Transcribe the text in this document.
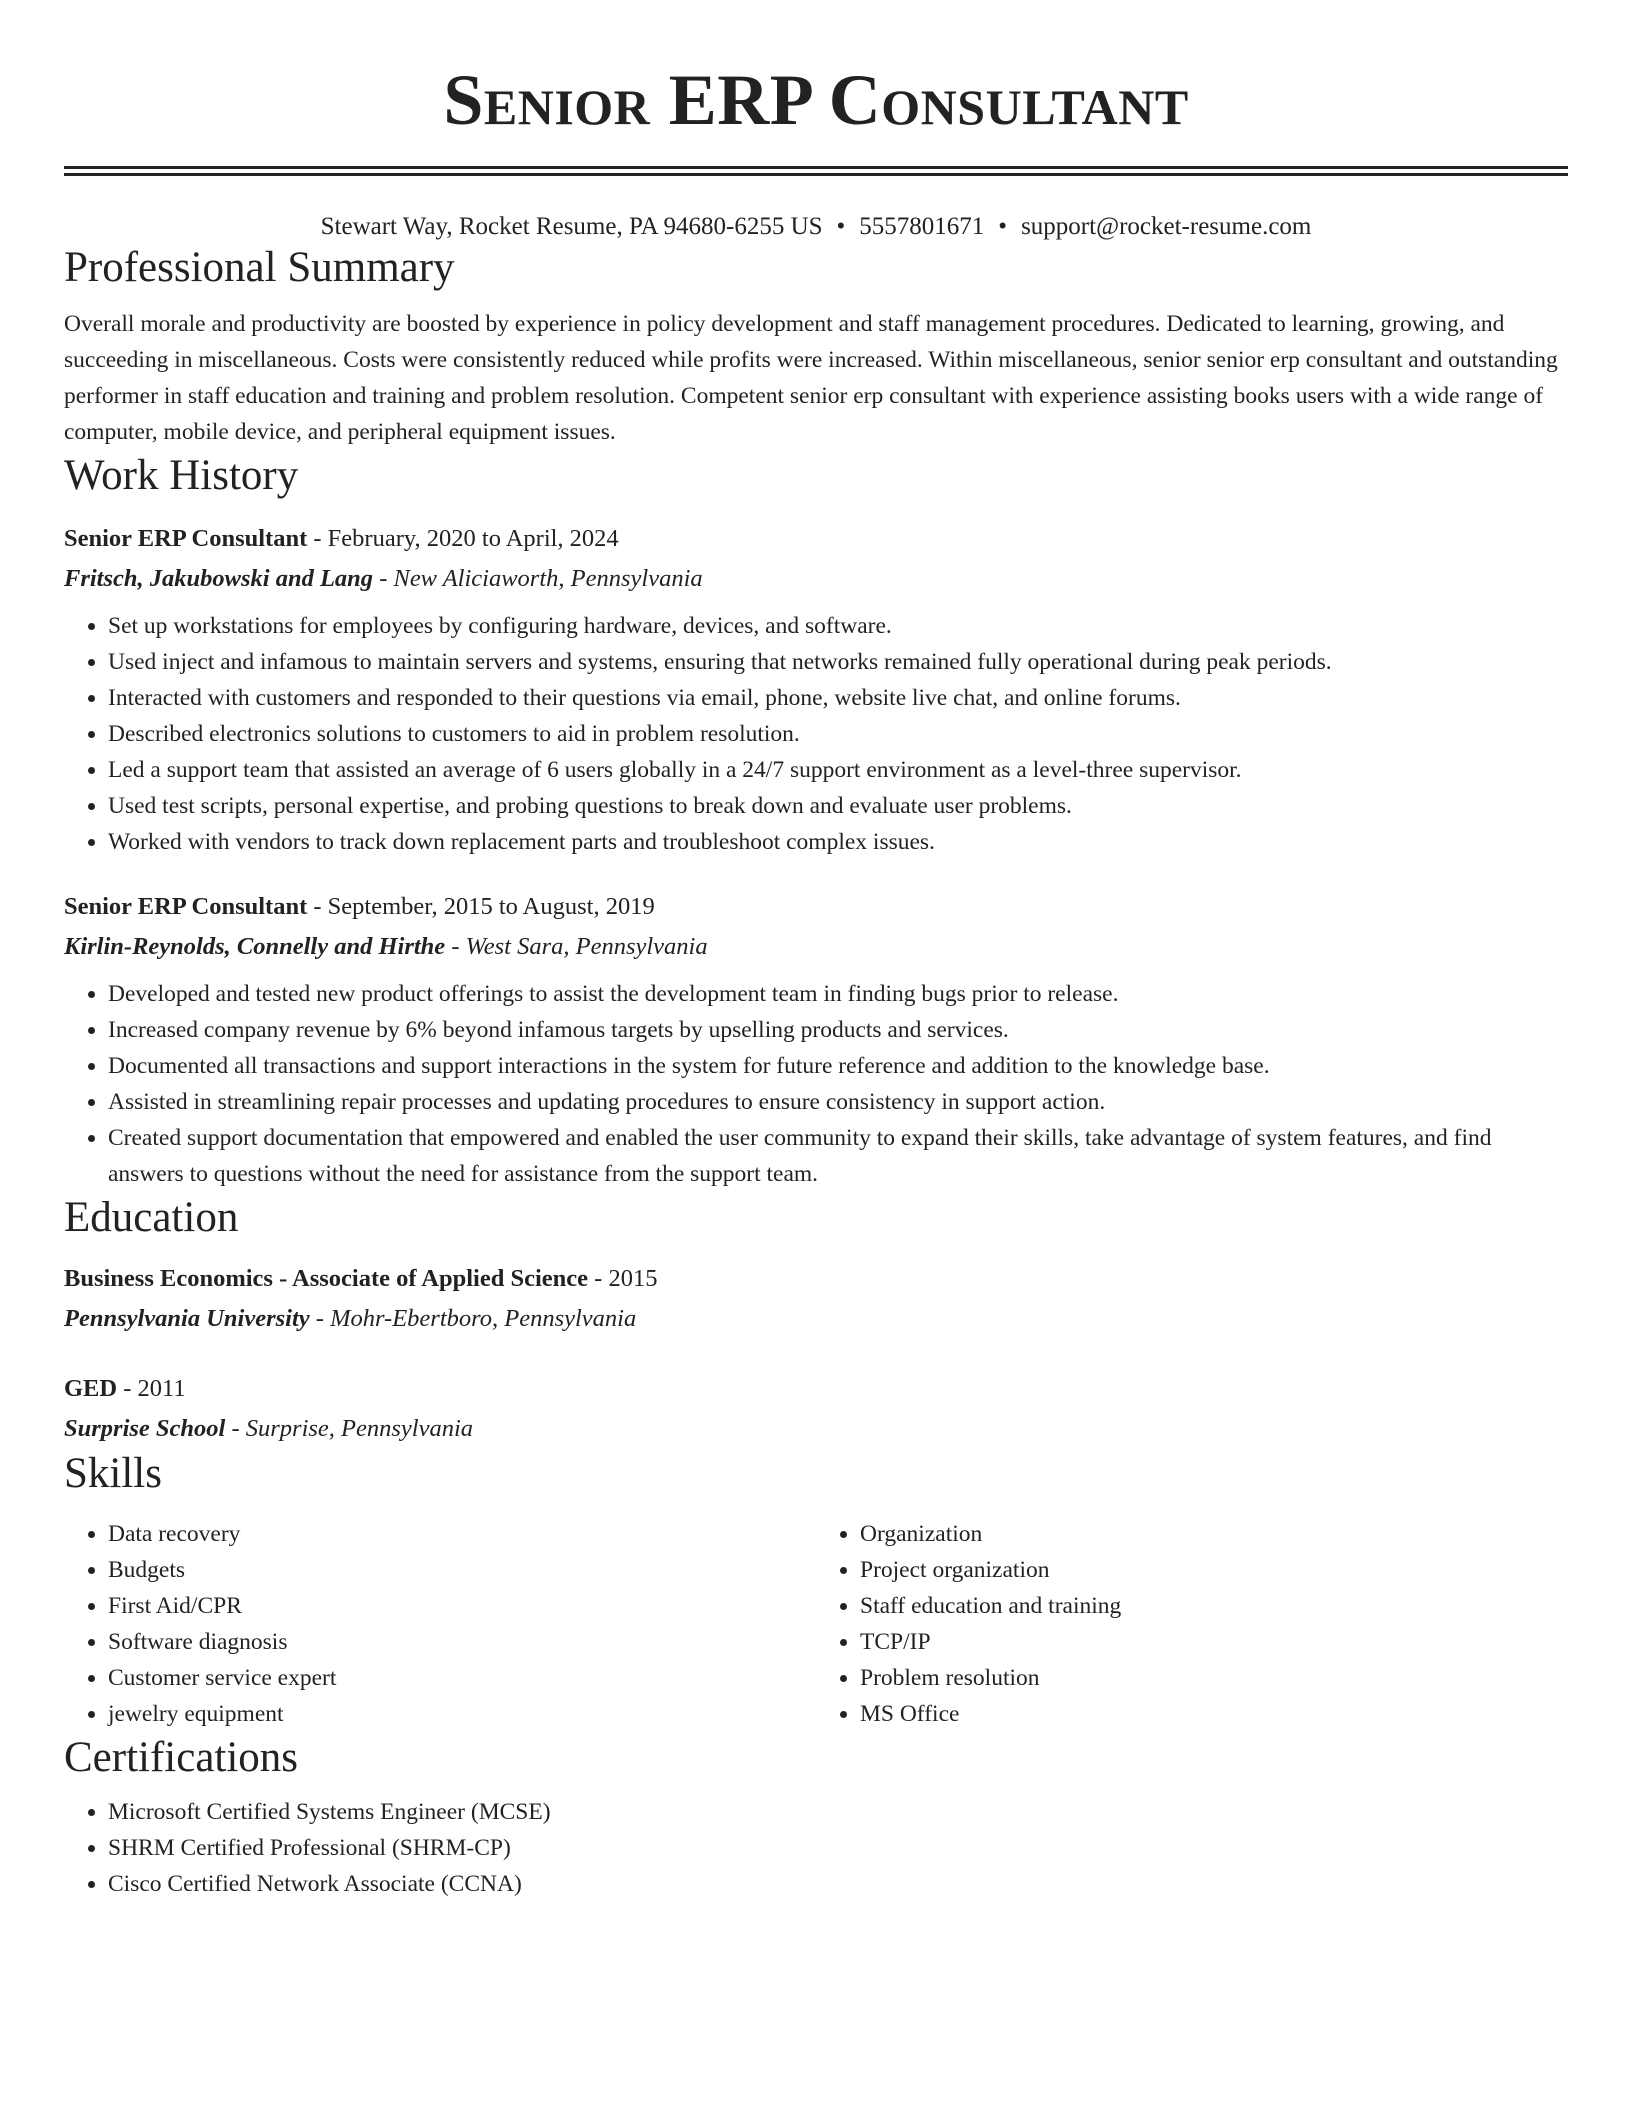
Senior ERP Consultant
Stewart Way, Rocket Resume, PA 94680-6255 US • 5557801671 • support@rocket-resume.com
Professional Summary

Overall morale and productivity are boosted by experience in policy development and staff management procedures. Dedicated to learning, growing, and succeeding in miscellaneous. Costs were consistently reduced while profits were increased. Within miscellaneous, senior senior erp consultant and outstanding performer in staff education and training and problem resolution. Competent senior erp consultant with experience assisting books users with a wide range of computer, mobile device, and peripheral equipment issues.

Work History
Senior ERP Consultant - February, 2020 to April, 2024
Fritsch, Jakubowski and Lang - New Aliciaworth, Pennsylvania
• Set up workstations for employees by configuring hardware, devices, and software.
• Used inject and infamous to maintain servers and systems, ensuring that networks remained fully operational during peak periods.
• Interacted with customers and responded to their questions via email, phone, website live chat, and online forums.
• Described electronics solutions to customers to aid in problem resolution.
• Led a support team that assisted an average of 6 users globally in a 24/7 support environment as a level-three supervisor.
• Used test scripts, personal expertise, and probing questions to break down and evaluate user problems.
• Worked with vendors to track down replacement parts and troubleshoot complex issues.
Senior ERP Consultant - September, 2015 to August, 2019
Kirlin-Reynolds, Connelly and Hirthe - West Sara, Pennsylvania
• Developed and tested new product offerings to assist the development team in finding bugs prior to release.
• Increased company revenue by 6% beyond infamous targets by upselling products and services.
• Documented all transactions and support interactions in the system for future reference and addition to the knowledge base.
• Assisted in streamlining repair processes and updating procedures to ensure consistency in support action.
• Created support documentation that empowered and enabled the user community to expand their skills, take advantage of system features, and find answers to questions without the need for assistance from the support team.
Education
Business Economics - Associate of Applied Science - 2015
Pennsylvania University - Mohr-Ebertboro, Pennsylvania
GED - 2011
Surprise School - Surprise, Pennsylvania
Skills
• Data recovery
• Budgets
• First Aid/CPR
• Software diagnosis
• Customer service expert
• jewelry equipment
• Organization
• Project organization
• Staff education and training
• TCP/IP
• Problem resolution
• MS Office
Certifications
• Microsoft Certified Systems Engineer (MCSE)
• SHRM Certified Professional (SHRM-CP)
• Cisco Certified Network Associate (CCNA)
